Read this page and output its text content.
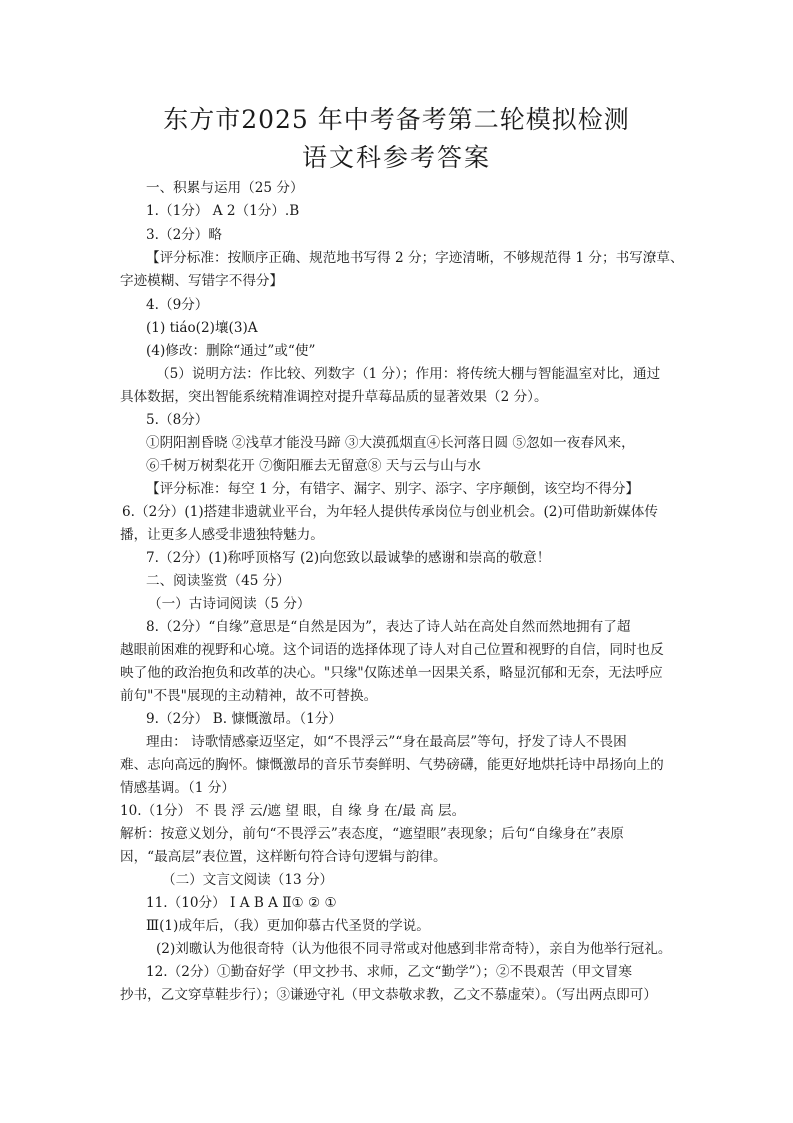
东方市2025 年中考备考第二轮模拟检测
语文科参考答案
一、积累与运用（25 分）
1.（1分） A 2（1分）.B
3.（2分）略
【评分标准：按顺序正确、规范地书写得 2 分；字迹清晰，不够规范得 1 分；书写潦草、
字迹模糊、写错字不得分】
4.（9分）
(1) tiáo(2)壤(3)A
(4)修改：删除“通过”或“使”
（5）说明方法：作比较、列数字（1 分）；作用：将传统大棚与智能温室对比，通过
具体数据，突出智能系统精准调控对提升草莓品质的显著效果（2 分）。
5.（8分）
①阴阳割昏晓 ②浅草才能没马蹄 ③大漠孤烟直④长河落日圆 ⑤忽如一夜春风来，
⑥千树万树梨花开 ⑦衡阳雁去无留意⑧ 天与云与山与水
【评分标准：每空 1 分，有错字、漏字、别字、添字、字序颠倒，该空均不得分】
6.（2分）(1)搭建非遗就业平台，为年轻人提供传承岗位与创业机会。(2)可借助新媒体传
播，让更多人感受非遗独特魅力。
7.（2分）(1)称呼顶格写 (2)向您致以最诚挚的感谢和崇高的敬意！
二、阅读鉴赏（45 分）
（一）古诗词阅读（5 分）
8.（2分）“自缘”意思是“自然是因为”，表达了诗人站在高处自然而然地拥有了超
越眼前困难的视野和心境。这个词语的选择体现了诗人对自己位置和视野的自信，同时也反
映了他的政治抱负和改革的决心。"只缘"仅陈述单一因果关系，略显沉郁和无奈，无法呼应
前句"不畏"展现的主动精神，故不可替换。
9.（2分） B. 慷慨激昂。（1分）
理由： 诗歌情感豪迈坚定，如“不畏浮云”“身在最高层”等句，抒发了诗人不畏困
难、志向高远的胸怀。慷慨激昂的音乐节奏鲜明、气势磅礴，能更好地烘托诗中昂扬向上的
情感基调。（1 分）
10.（1分） 不 畏 浮 云/遮 望 眼，自 缘 身 在/最 高 层。
解析：按意义划分，前句“不畏浮云”表态度，“遮望眼”表现象；后句“自缘身在”表原
因，“最高层”表位置，这样断句符合诗句逻辑与韵律。
（二）文言文阅读（13 分）
11.（10分） Ⅰ A B A Ⅱ① ② ①
Ⅲ(1)成年后，（我）更加仰慕古代圣贤的学说。
(2)刘曒认为他很奇特（认为他很不同寻常或对他感到非常奇特），亲自为他举行冠礼。
12.（2分）①勤奋好学（甲文抄书、求师，乙文“勤学”）；②不畏艰苦（甲文冒寒
抄书，乙文穿草鞋步行）；③谦逊守礼（甲文恭敬求教，乙文不慕虚荣）。（写出两点即可）
